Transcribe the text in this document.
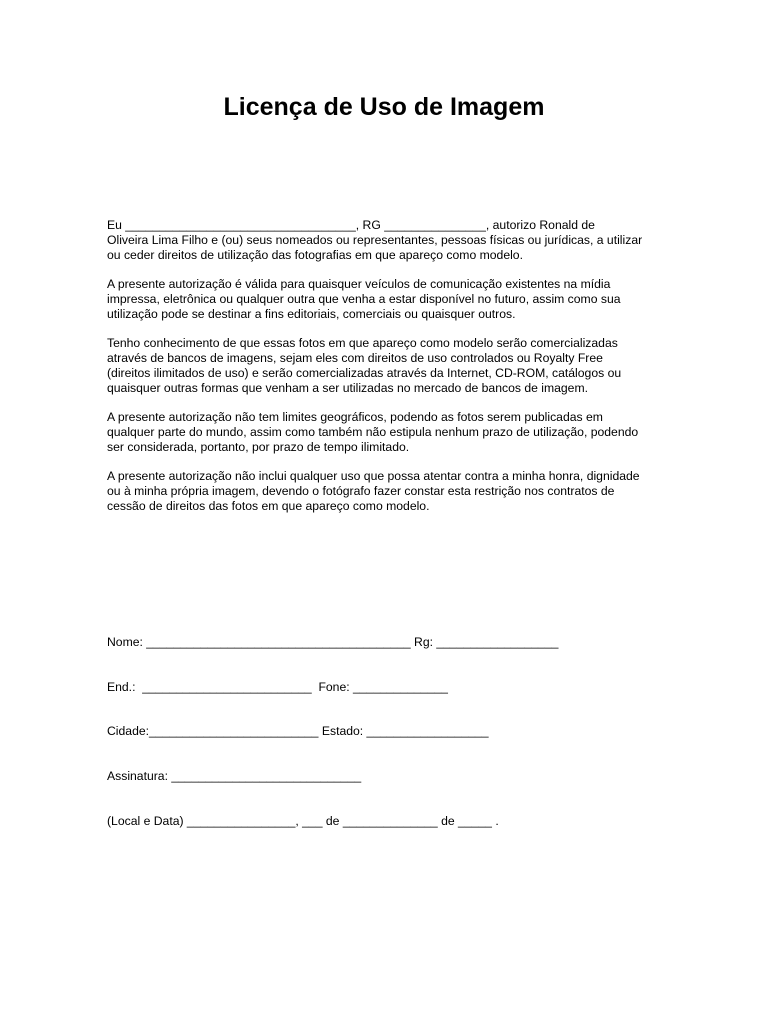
Licença de Uso de Imagem

Eu __________________________________, RG _______________, autorizo Ronald de
Oliveira Lima Filho e (ou) seus nomeados ou representantes, pessoas físicas ou jurídicas, a utilizar
ou ceder direitos de utilização das fotografias em que apareço como modelo.

A presente autorização é válida para quaisquer veículos de comunicação existentes na mídia
impressa, eletrônica ou qualquer outra que venha a estar disponível no futuro, assim como sua
utilização pode se destinar a fins editoriais, comerciais ou quaisquer outros.

Tenho conhecimento de que essas fotos em que apareço como modelo serão comercializadas
através de bancos de imagens, sejam eles com direitos de uso controlados ou Royalty Free
(direitos ilimitados de uso) e serão comercializadas através da Internet, CD-ROM, catálogos ou
quaisquer outras formas que venham a ser utilizadas no mercado de bancos de imagem.

A presente autorização não tem limites geográficos, podendo as fotos serem publicadas em
qualquer parte do mundo, assim como também não estipula nenhum prazo de utilização, podendo
ser considerada, portanto, por prazo de tempo ilimitado.

A presente autorização não inclui qualquer uso que possa atentar contra a minha honra, dignidade
ou à minha própria imagem, devendo o fotógrafo fazer constar esta restrição nos contratos de
cessão de direitos das fotos em que apareço como modelo.

Nome: _______________________________________ Rg: __________________

End.:  _________________________  Fone: ______________

Cidade:_________________________ Estado: __________________

Assinatura: ____________________________

(Local e Data) ________________, ___ de ______________ de _____ .
